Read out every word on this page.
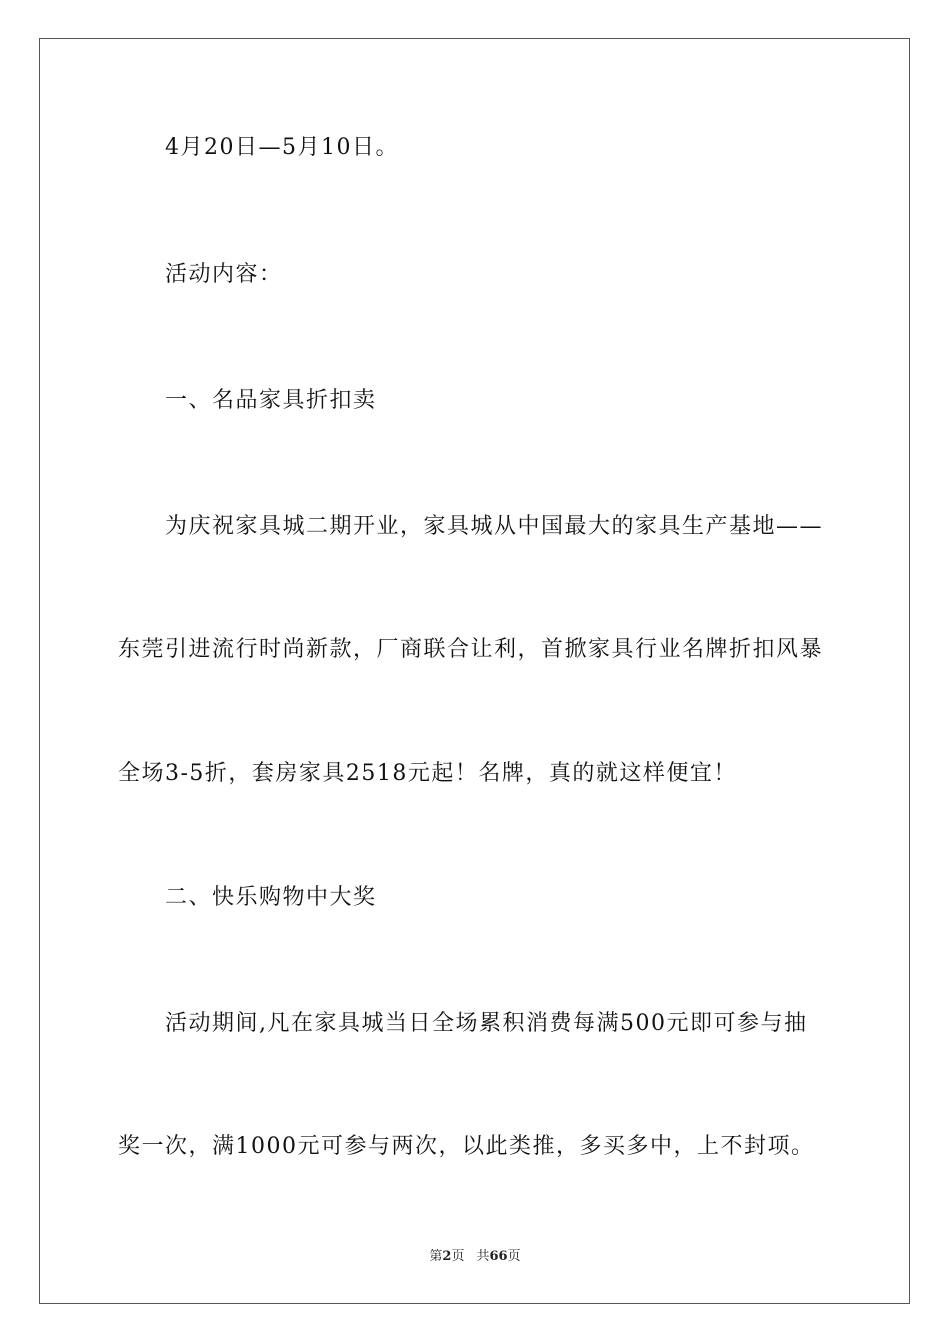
4月20日—5月10日。
活动内容：
一、名品家具折扣卖
为庆祝家具城二期开业，家具城从中国最大的家具生产基地——
东莞引进流行时尚新款，厂商联合让利，首掀家具行业名牌折扣风暴
全场3-5折，套房家具2518元起！名牌，真的就这样便宜！
二、快乐购物中大奖
活动期间,凡在家具城当日全场累积消费每满500元即可参与抽
奖一次，满1000元可参与两次，以此类推，多买多中，上不封项。
第2页 共66页
